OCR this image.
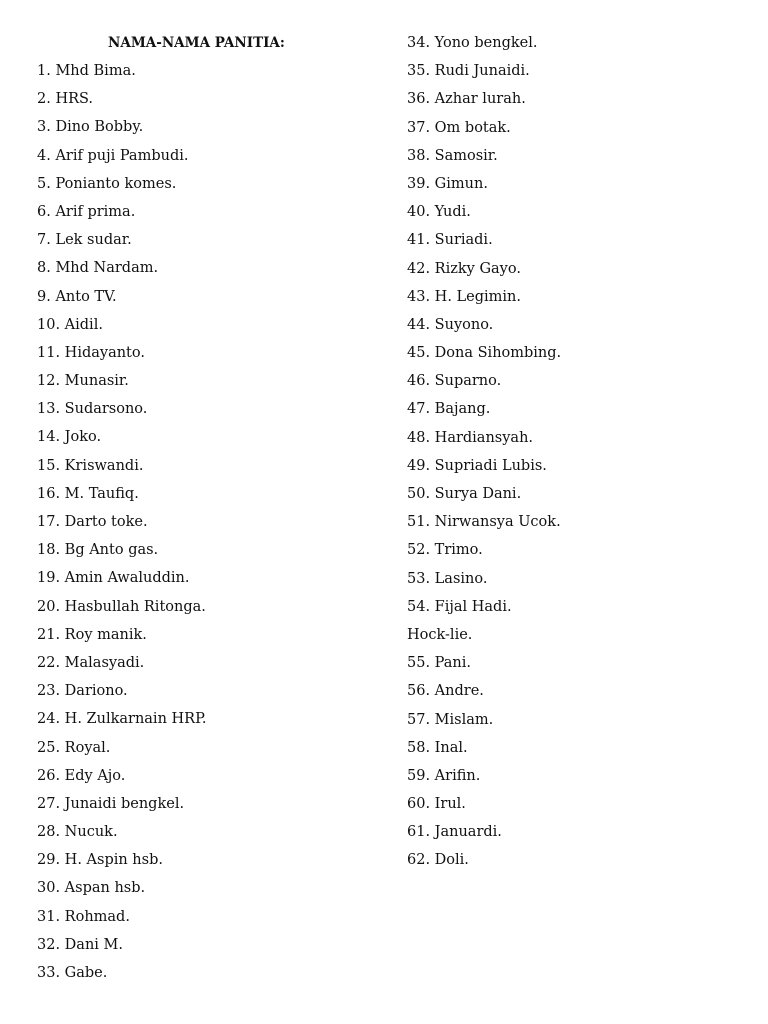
NAMA-NAMA PANITIA:
1. Mhd Bima.
2. HRS.
3. Dino Bobby.
4. Arif puji Pambudi.
5. Ponianto komes.
6. Arif prima.
7. Lek sudar.
8. Mhd Nardam.
9. Anto TV.
10. Aidil.
11. Hidayanto.
12. Munasir.
13. Sudarsono.
14. Joko.
15. Kriswandi.
16. M. Taufiq.
17. Darto toke.
18. Bg Anto gas.
19. Amin Awaluddin.
20. Hasbullah Ritonga.
21. Roy manik.
22. Malasyadi.
23. Dariono.
24. H. Zulkarnain HRP.
25. Royal.
26. Edy Ajo.
27. Junaidi bengkel.
28. Nucuk.
29. H. Aspin hsb.
30. Aspan hsb.
31. Rohmad.
32. Dani M.
33. Gabe.
34. Yono bengkel.
35. Rudi Junaidi.
36. Azhar lurah.
37. Om botak.
38. Samosir.
39. Gimun.
40. Yudi.
41. Suriadi.
42. Rizky Gayo.
43. H. Legimin.
44. Suyono.
45. Dona Sihombing.
46. Suparno.
47. Bajang.
48. Hardiansyah.
49. Supriadi Lubis.
50. Surya Dani.
51. Nirwansya Ucok.
52. Trimo.
53. Lasino.
54. Fijal Hadi.
Hock-lie.
55. Pani.
56. Andre.
57. Mislam.
58. Inal.
59. Arifin.
60. Irul.
61. Januardi.
62. Doli.
